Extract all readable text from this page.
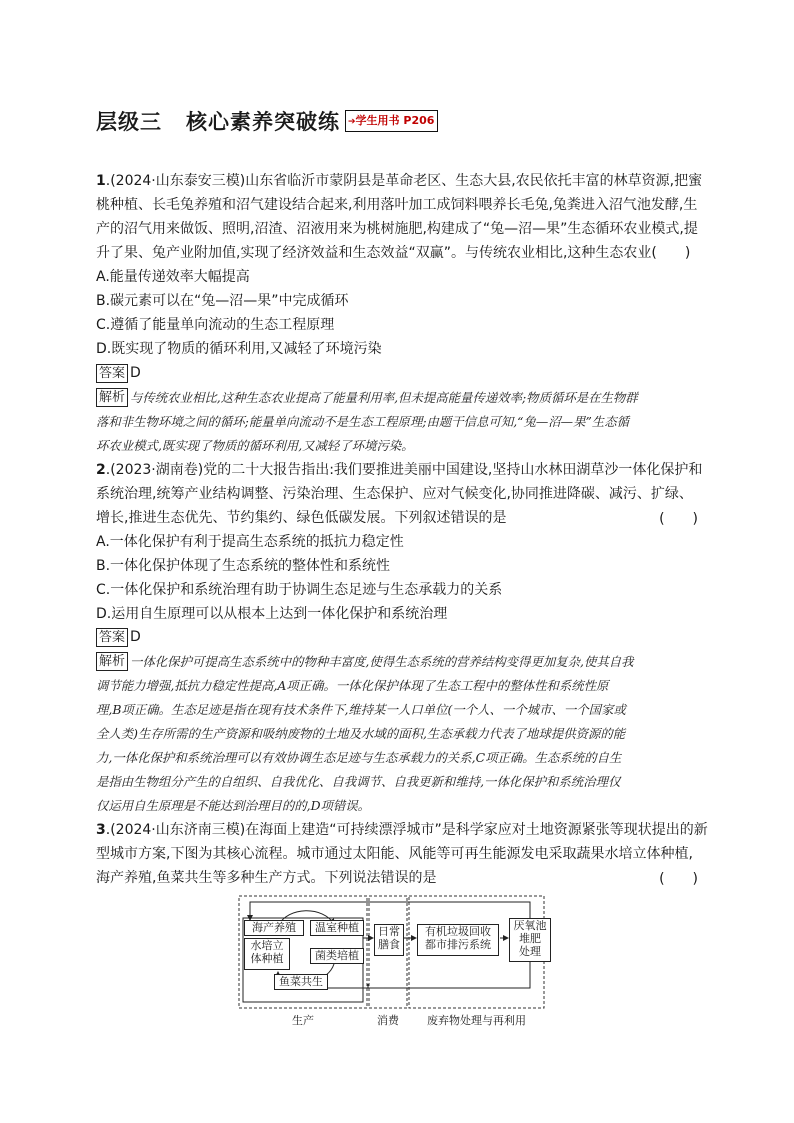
层级三 核心素养突破练 ➔学生用书 P206
1.(2024·山东泰安三模)山东省临沂市蒙阴县是革命老区、生态大县,农民依托丰富的林草资源,把蜜
桃种植、长毛兔养殖和沼气建设结合起来,利用落叶加工成饲料喂养长毛兔,兔粪进入沼气池发酵,生
产的沼气用来做饭、照明,沼渣、沼液用来为桃树施肥,构建成了“兔—沼—果”生态循环农业模式,提
升了果、兔产业附加值,实现了经济效益和生态效益“双赢”。与传统农业相比,这种生态农业(　　)
A.能量传递效率大幅提高
B.碳元素可以在“兔—沼—果”中完成循环
C.遵循了能量单向流动的生态工程原理
D.既实现了物质的循环利用,又减轻了环境污染
答案 D
解析 与传统农业相比,这种生态农业提高了能量利用率,但未提高能量传递效率;物质循环是在生物群
落和非生物环境之间的循环;能量单向流动不是生态工程原理;由题干信息可知,“兔—沼—果”生态循
环农业模式,既实现了物质的循环利用,又减轻了环境污染。
2.(2023·湖南卷)党的二十大报告指出:我们要推进美丽中国建设,坚持山水林田湖草沙一体化保护和
系统治理,统筹产业结构调整、污染治理、生态保护、应对气候变化,协同推进降碳、减污、扩绿、
增长,推进生态优先、节约集约、绿色低碳发展。下列叙述错误的是	(　　)
A.一体化保护有利于提高生态系统的抵抗力稳定性
B.一体化保护体现了生态系统的整体性和系统性
C.一体化保护和系统治理有助于协调生态足迹与生态承载力的关系
D.运用自生原理可以从根本上达到一体化保护和系统治理
答案 D
解析 一体化保护可提高生态系统中的物种丰富度,使得生态系统的营养结构变得更加复杂,使其自我
调节能力增强,抵抗力稳定性提高,A项正确。一体化保护体现了生态工程中的整体性和系统性原
理,B项正确。生态足迹是指在现有技术条件下,维持某一人口单位(一个人、一个城市、一个国家或
全人类)生存所需的生产资源和吸纳废物的土地及水域的面积,生态承载力代表了地球提供资源的能
力,一体化保护和系统治理可以有效协调生态足迹与生态承载力的关系,C项正确。生态系统的自生
是指由生物组分产生的自组织、自我优化、自我调节、自我更新和维持,一体化保护和系统治理仅
仅运用自生原理是不能达到治理目的的,D项错误。
3.(2024·山东济南三模)在海面上建造“可持续漂浮城市”是科学家应对土地资源紧张等现状提出的新
型城市方案,下图为其核心流程。城市通过太阳能、风能等可再生能源发电采取蔬果水培立体种植,
海产养殖,鱼菜共生等多种生产方式。下列说法错误的是	(　　)
海产养殖	温室种植
水培立
体种植	菌类培植
鱼菜共生
日常
膳食
有机垃圾回收
都市排污系统
厌氧池
堆肥
处理
生产	消费	废弃物处理与再利用
